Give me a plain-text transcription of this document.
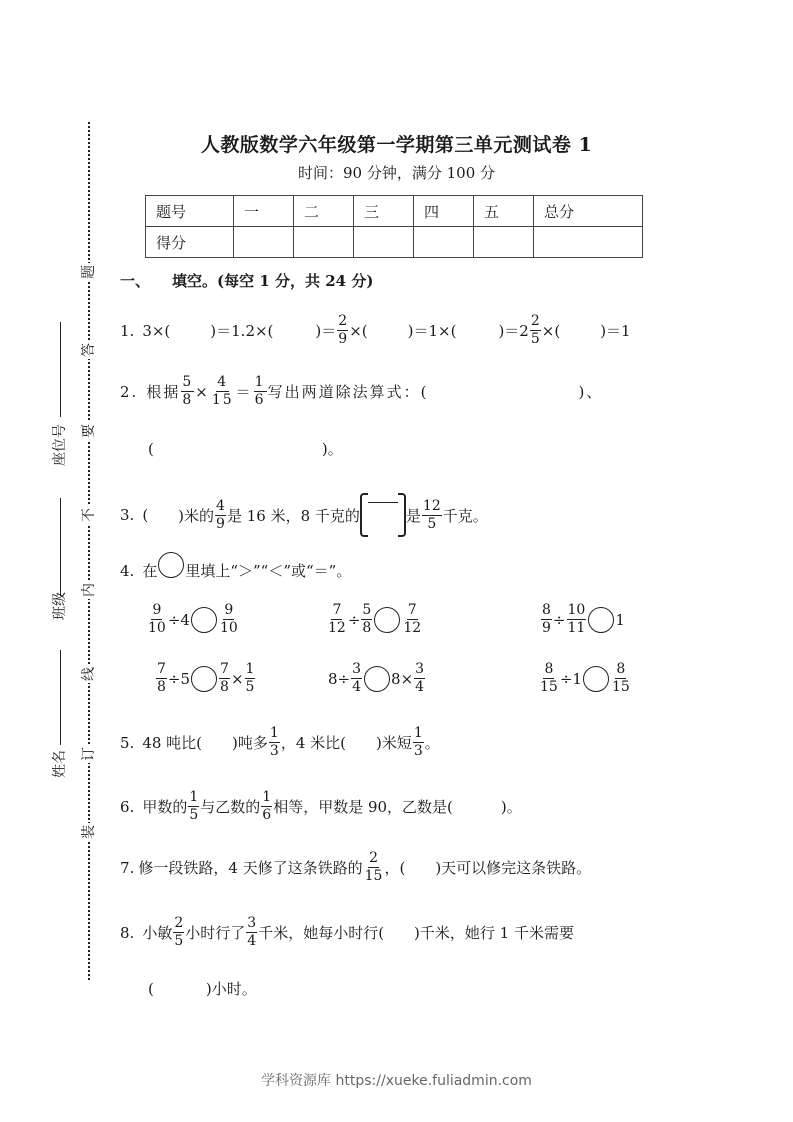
题
答
要
不
内
线
订
装
座位号
班级
姓名
人教版数学六年级第一学期第三单元测试卷 1
时间：90 分钟，满分 100 分
题号	一	二	三	四	五	总分
得分						
一、 填空。(每空 1 分，共 24 分)
1. 3×(	)＝1.2×(	)＝ $\frac{2}{9}$ ×(	)＝1×(	)$=2 \frac{2}{5}$ ×(	)＝1
2. 根据 $\frac{5}{8} \times \frac{4}{15} = \frac{1}{6}$ 写出两道除法算式：(	)、
(	)。
3. ( )米的 $\frac{4}{9}$ 是 16 米，8 千克的	是 $\frac{12}{5}$ 千克。
4. 在 里填上“＞”“＜”或“＝”。
$\frac{9}{10} \div 4 \frac{9}{10}$	$\frac{7}{12} \div \frac{5}{8} \frac{7}{12}$	$\frac{8}{9} \div \frac{10}{11} 1$
$\frac{7}{8} \div 5 \frac{7}{8} \times \frac{1}{5}$	$8\div \frac{3}{4} 8\times \frac{3}{4}$	$\frac{8}{15} \div 1 \frac{8}{15}$
5. 48 吨比( )吨多 $\frac{1}{3}$ ，4 米比( )米短 $\frac{1}{3}$ 。
6. 甲数的 $\frac{1}{5}$ 与乙数的 $\frac{1}{6}$ 相等，甲数是 90，乙数是(	)。
7. 修一段铁路，4 天修了这条铁路的 $\frac{2}{15}$ ，( )天可以修完这条铁路。
8. 小敏 $\frac{2}{5}$ 小时行了 $\frac{3}{4}$ 千米，她每小时行( )千米，她行 1 千米需要
(	)小时。
学科资源库 https://xueke.fuliadmin.com
